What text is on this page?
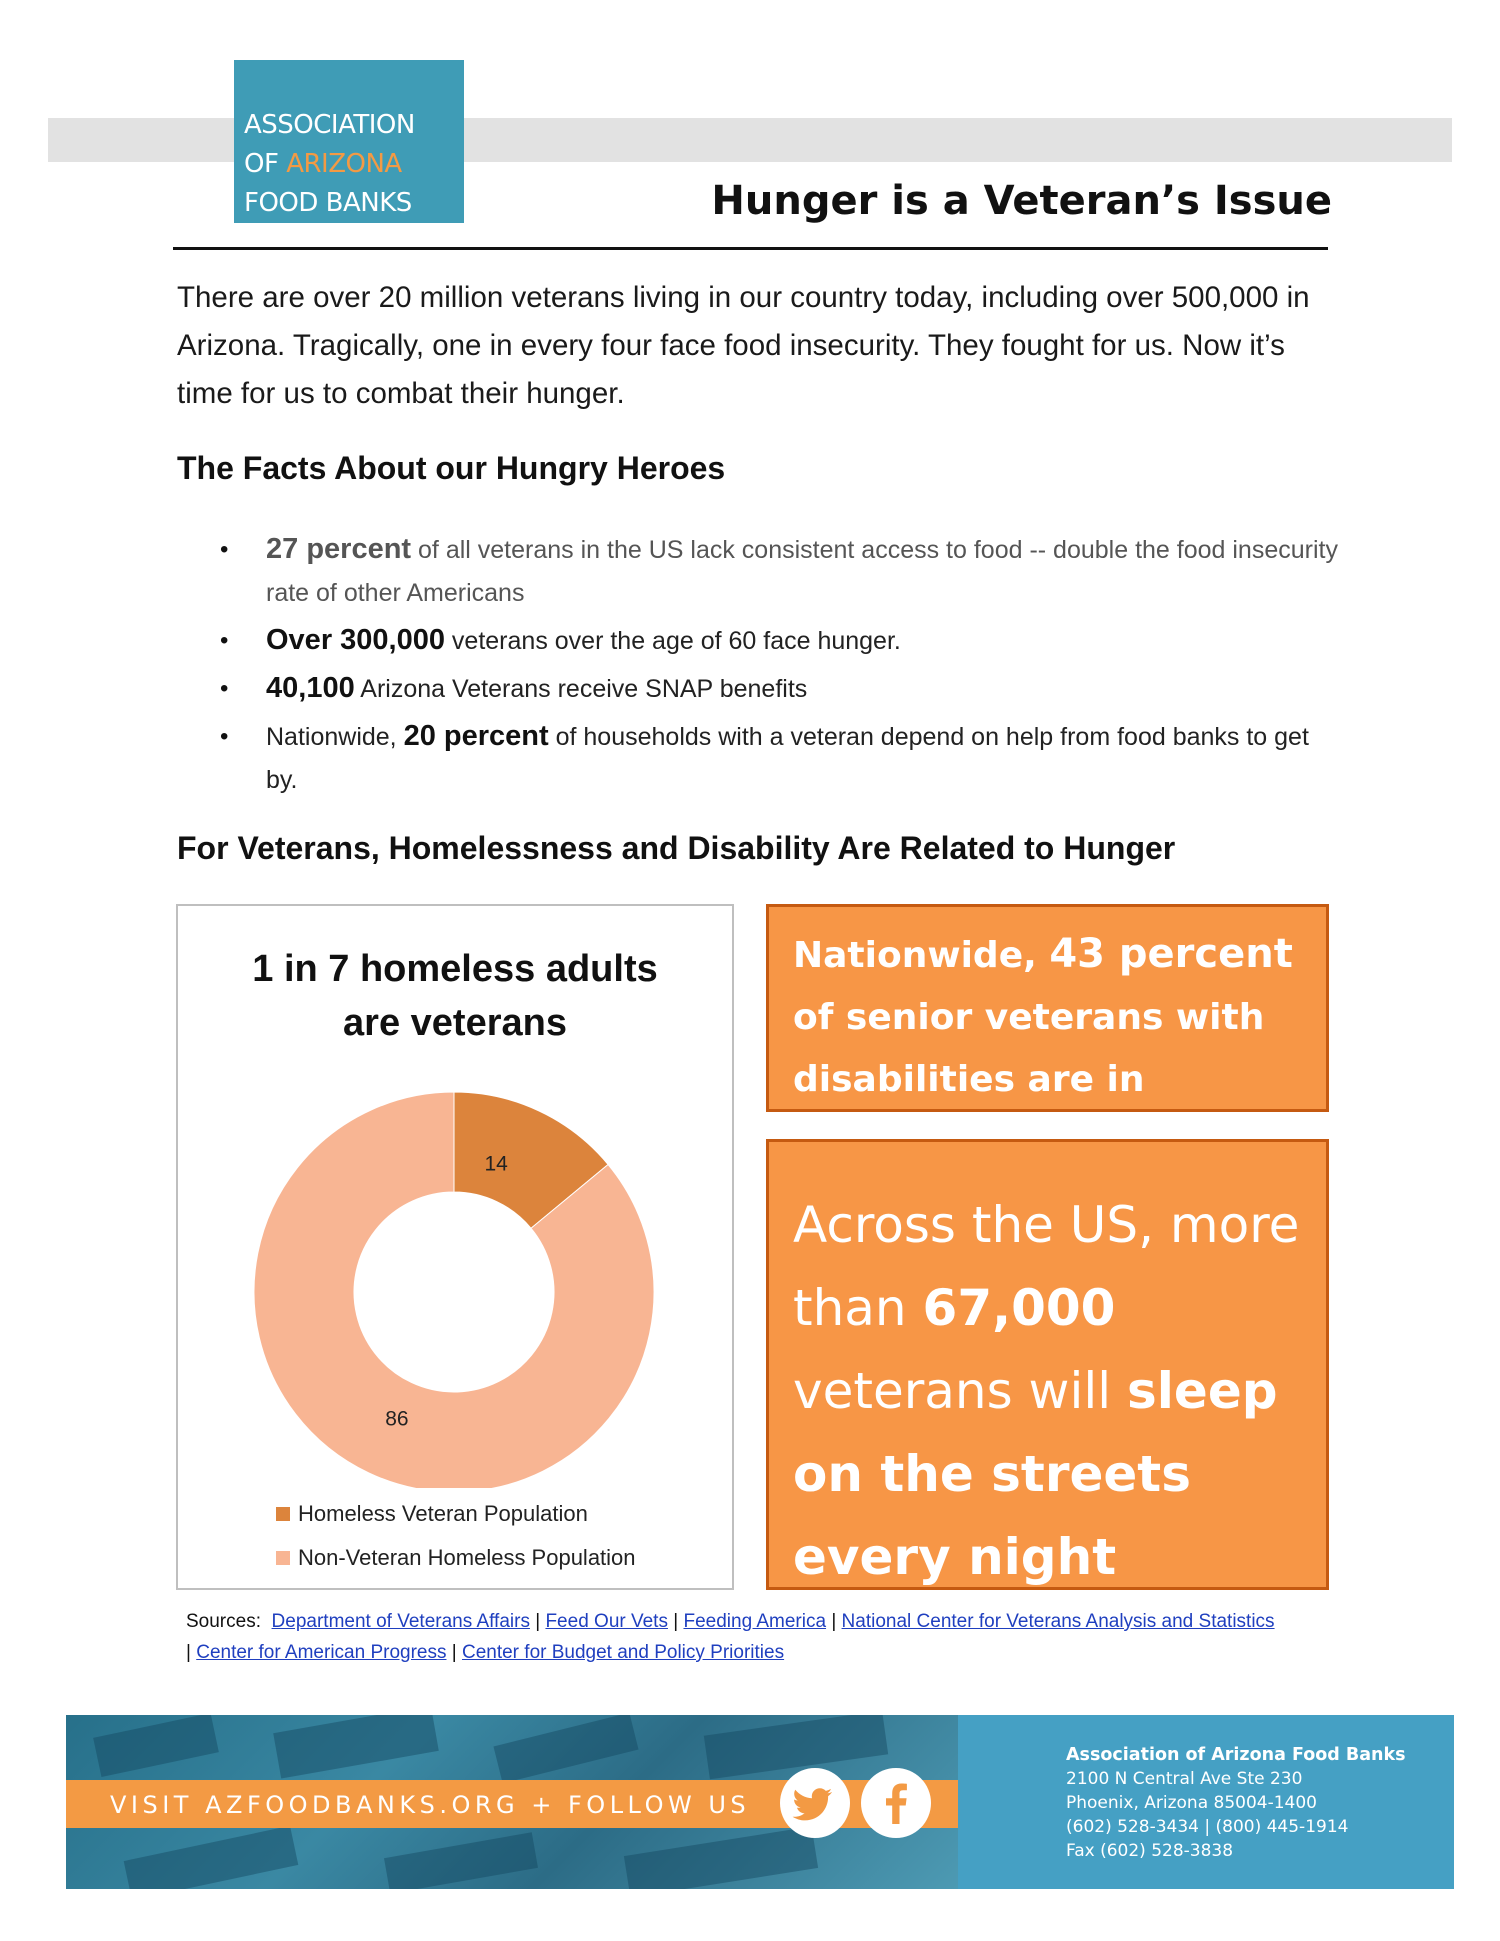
ASSOCIATION
OF ARIZONA
FOOD BANKS	Hunger is a Veteran’s Issue

There are over 20 million veterans living in our country today, including over 500,000 in Arizona. Tragically, one in every four face food insecurity. They fought for us. Now it’s time for us to combat their hunger.

The Facts About our Hungry Heroes
• 27 percent of all veterans in the US lack consistent access to food -- double the food insecurity rate of other Americans
• Over 300,000 veterans over the age of 60 face hunger.
• 40,100 Arizona Veterans receive SNAP benefits
• Nationwide, 20 percent of households with a veteran depend on help from food banks to get by.
For Veterans, Homelessness and Disability Are Related to Hunger
1 in 7 homeless adults
are veterans
14
86
Homeless Veteran Population
Non-Veteran Homeless Population
Nationwide, 43 percent of senior veterans with disabilities are in
Across the US, more than 67,000 veterans will sleep on the streets every night
Sources: Department of Veterans Affairs | Feed Our Vets | Feeding America | National Center for Veterans Analysis and Statistics
| Center for American Progress | Center for Budget and Policy Priorities
VISIT AZFOODBANKS.ORG + FOLLOW US
Association of Arizona Food Banks
2100 N Central Ave Ste 230
Phoenix, Arizona 85004-1400
(602) 528-3434 | (800) 445-1914
Fax (602) 528-3838
